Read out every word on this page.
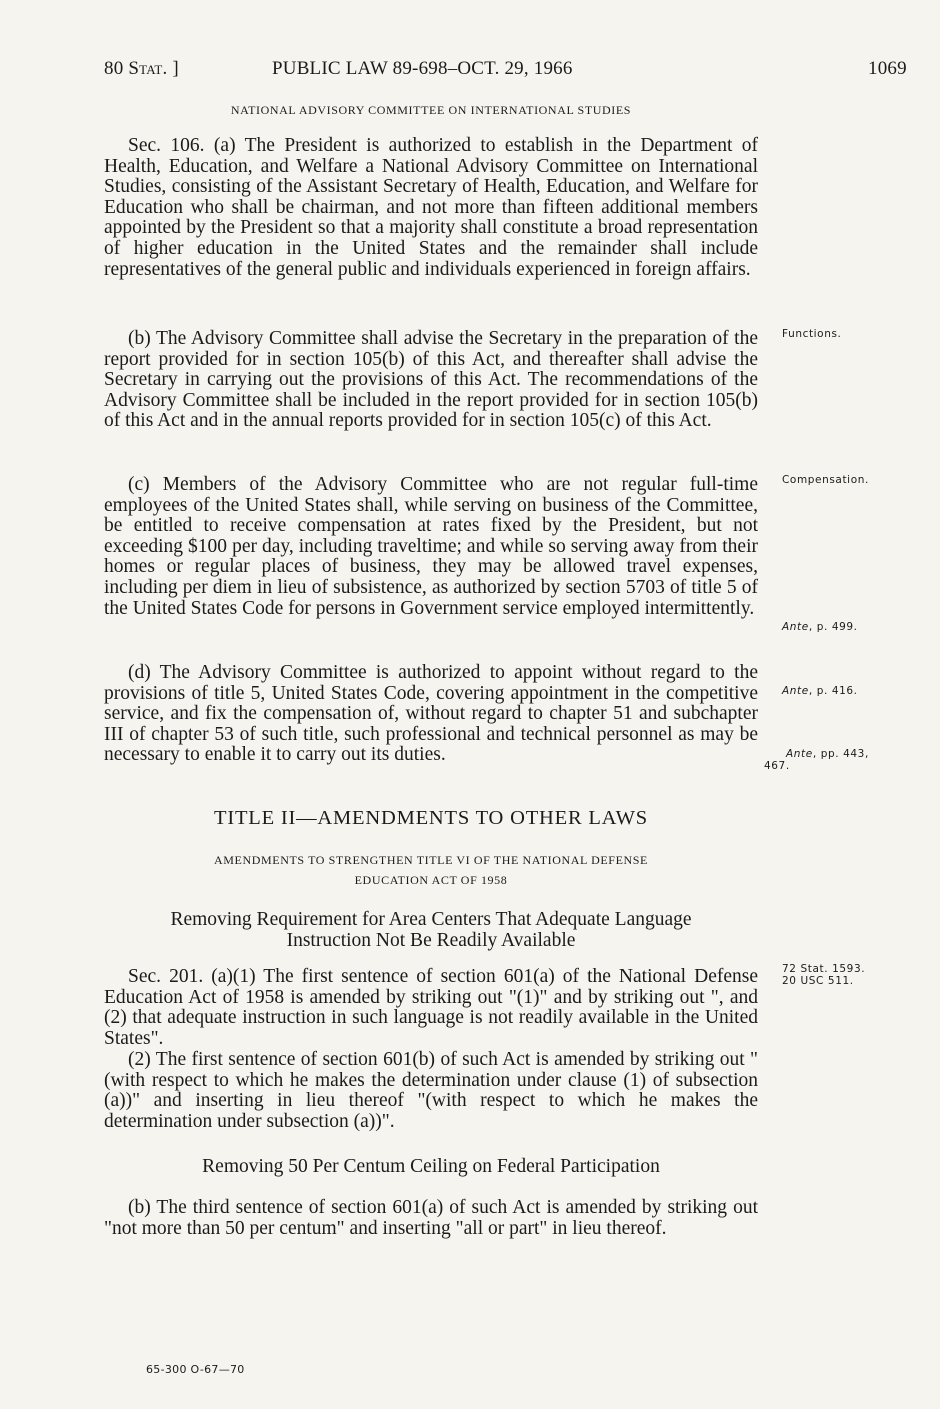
80 Stat. ]	PUBLIC LAW 89-698–OCT. 29, 1966	1069
NATIONAL ADVISORY COMMITTEE ON INTERNATIONAL STUDIES

Sec. 106. (a) The President is authorized to establish in the Department of Health, Education, and Welfare a National Advisory Committee on International Studies, consisting of the Assistant Secretary of Health, Education, and Welfare for Education who shall be chairman, and not more than fifteen additional members appointed by the President so that a majority shall constitute a broad representation of higher education in the United States and the remainder shall include representatives of the general public and individuals experienced in foreign affairs.

(b) The Advisory Committee shall advise the Secretary in the preparation of the report provided for in section 105(b) of this Act, and thereafter shall advise the Secretary in carrying out the provisions of this Act. The recommendations of the Advisory Committee shall be included in the report provided for in section 105(b) of this Act and in the annual reports provided for in section 105(c) of this Act.

(c) Members of the Advisory Committee who are not regular full-time employees of the United States shall, while serving on business of the Committee, be entitled to receive compensation at rates fixed by the President, but not exceeding $100 per day, including traveltime; and while so serving away from their homes or regular places of business, they may be allowed travel expenses, including per diem in lieu of subsistence, as authorized by section 5703 of title 5 of the United States Code for persons in Government service employed intermittently.

(d) The Advisory Committee is authorized to appoint without regard to the provisions of title 5, United States Code, covering appointment in the competitive service, and fix the compensation of, without regard to chapter 51 and subchapter III of chapter 53 of such title, such professional and technical personnel as may be necessary to enable it to carry out its duties.

Functions.
Compensation.
Ante, p. 499.
Ante, p. 416.
Ante, pp. 443,
467.
TITLE II—AMENDMENTS TO OTHER LAWS
AMENDMENTS TO STRENGTHEN TITLE VI OF THE NATIONAL DEFENSE
EDUCATION ACT OF 1958
Removing Requirement for Area Centers That Adequate Language
Instruction Not Be Readily Available

Sec. 201. (a)(1) The first sentence of section 601(a) of the National Defense Education Act of 1958 is amended by striking out "(1)" and by striking out ", and (2) that adequate instruction in such language is not readily available in the United States".

72 Stat. 1593.
20 USC 511.

(2) The first sentence of section 601(b) of such Act is amended by striking out "(with respect to which he makes the determination under clause (1) of subsection (a))" and inserting in lieu thereof "(with respect to which he makes the determination under subsection (a))".

Removing 50 Per Centum Ceiling on Federal Participation

(b) The third sentence of section 601(a) of such Act is amended by striking out "not more than 50 per centum" and inserting "all or part" in lieu thereof.

65-300 O-67—70
